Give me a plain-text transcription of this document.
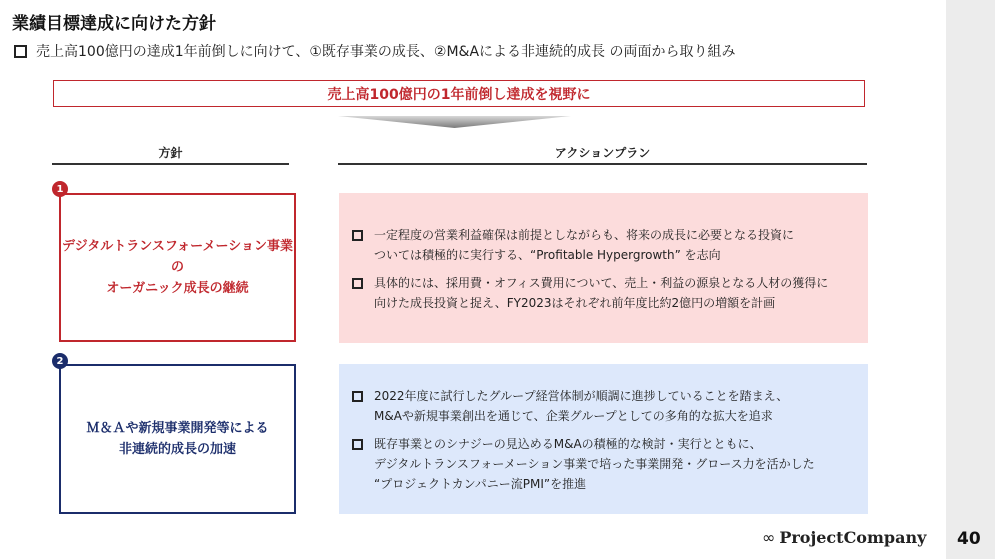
業績目標達成に向けた方針
売上高100億円の達成1年前倒しに向けて、①既存事業の成長、②M&Aによる非連続的成長 の両面から取り組み
売上高100億円の1年前倒し達成を視野に
方針	アクションプラン
デジタルトランスフォーメーション事業の
オーガニック成長の継続
1
一定程度の営業利益確保は前提としながらも、将来の成長に必要となる投資に
ついては積極的に実行する、“Profitable Hypergrowth” を志向
具体的には、採用費・オフィス費用について、売上・利益の源泉となる人材の獲得に
向けた成長投資と捉え、FY2023はそれぞれ前年度比約2億円の増額を計画
Ｍ＆Ａや新規事業開発等による
非連続的成長の加速
2
2022年度に試行したグループ経営体制が順調に進捗していることを踏まえ、
M&Aや新規事業創出を通じて、企業グループとしての多角的な拡大を追求
既存事業とのシナジーの見込めるM&Aの積極的な検討・実行とともに、
デジタルトランスフォーメーション事業で培った事業開発・グロース力を活かした
“プロジェクトカンパニー流PMI”を推進
∞ ProjectCompany 40
